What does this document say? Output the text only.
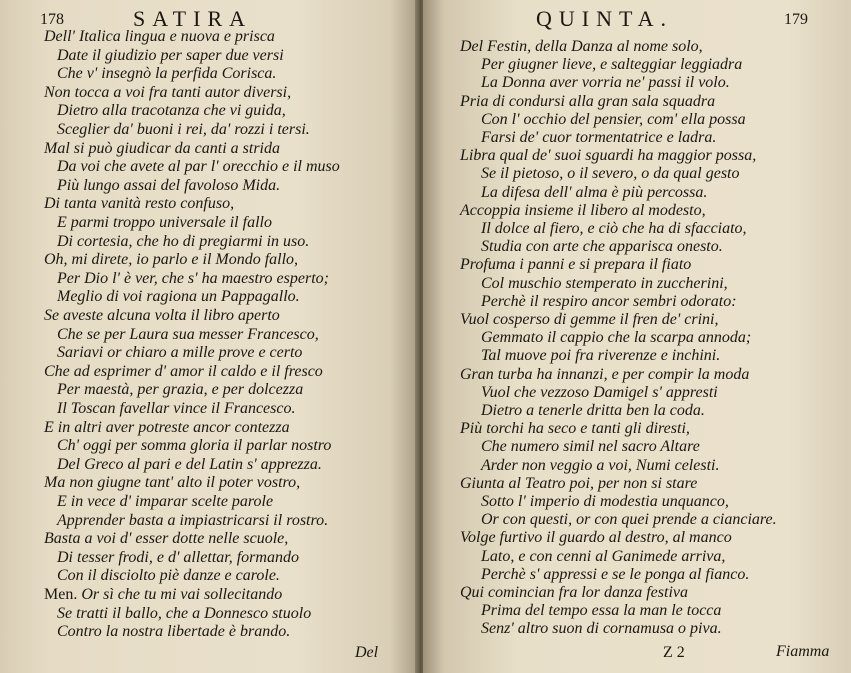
178	SATIRA
Dell' Italica lingua e nuova e prisca
Date il giudizio per saper due versi
Che v' insegnò la perfida Corisca.
Non tocca a voi fra tanti autor diversi,
Dietro alla tracotanza che vi guida,
Sceglier da' buoni i rei, da' rozzi i tersi.
Mal si può giudicar da canti a strida
Da voi che avete al par l' orecchio e il muso
Più lungo assai del favoloso Mida.
Di tanta vanità resto confuso,
E parmi troppo universale il fallo
Di cortesia, che ho di pregiarmi in uso.
Oh, mi direte, io parlo e il Mondo fallo,
Per Dio l' è ver, che s' ha maestro esperto;
Meglio di voi ragiona un Pappagallo.
Se aveste alcuna volta il libro aperto
Che se per Laura sua messer Francesco,
Sariavi or chiaro a mille prove e certo
Che ad esprimer d' amor il caldo e il fresco
Per maestà, per grazia, e per dolcezza
Il Toscan favellar vince il Francesco.
E in altri aver potreste ancor contezza
Ch' oggi per somma gloria il parlar nostro
Del Greco al pari e del Latin s' apprezza.
Ma non giugne tant' alto il poter vostro,
E in vece d' imparar scelte parole
Apprender basta a impiastricarsi il rostro.
Basta a voi d' esser dotte nelle scuole,
Di tesser frodi, e d' allettar, formando
Con il disciolto piè danze e carole.
Men. Or sì che tu mi vai sollecitando
Se tratti il ballo, che a Donnesco stuolo
Contro la nostra libertade è brando.
Del
QUINTA.	179
Del Festin, della Danza al nome solo,
Per giugner lieve, e salteggiar leggiadra
La Donna aver vorria ne' passi il volo.
Pria di condursi alla gran sala squadra
Con l' occhio del pensier, com' ella possa
Farsi de' cuor tormentatrice e ladra.
Libra qual de' suoi sguardi ha maggior possa,
Se il pietoso, o il severo, o da qual gesto
La difesa dell' alma è più percossa.
Accoppia insieme il libero al modesto,
Il dolce al fiero, e ciò che ha di sfacciato,
Studia con arte che apparisca onesto.
Profuma i panni e si prepara il fiato
Col muschio stemperato in zuccherini,
Perchè il respiro ancor sembri odorato:
Vuol cosperso di gemme il fren de' crini,
Gemmato il cappio che la scarpa annoda;
Tal muove poi fra riverenze e inchini.
Gran turba ha innanzi, e per compir la moda
Vuol che vezzoso Damigel s' appresti
Dietro a tenerle dritta ben la coda.
Più torchi ha seco e tanti gli diresti,
Che numero simil nel sacro Altare
Arder non veggio a voi, Numi celesti.
Giunta al Teatro poi, per non si stare
Sotto l' imperio di modestia unquanco,
Or con questi, or con quei prende a cianciare.
Volge furtivo il guardo al destro, al manco
Lato, e con cenni al Ganimede arriva,
Perchè s' appressi e se le ponga al fianco.
Qui comincian fra lor danza festiva
Prima del tempo essa la man le tocca
Senz' altro suon di cornamusa o piva.
Z 2	Fiamma
